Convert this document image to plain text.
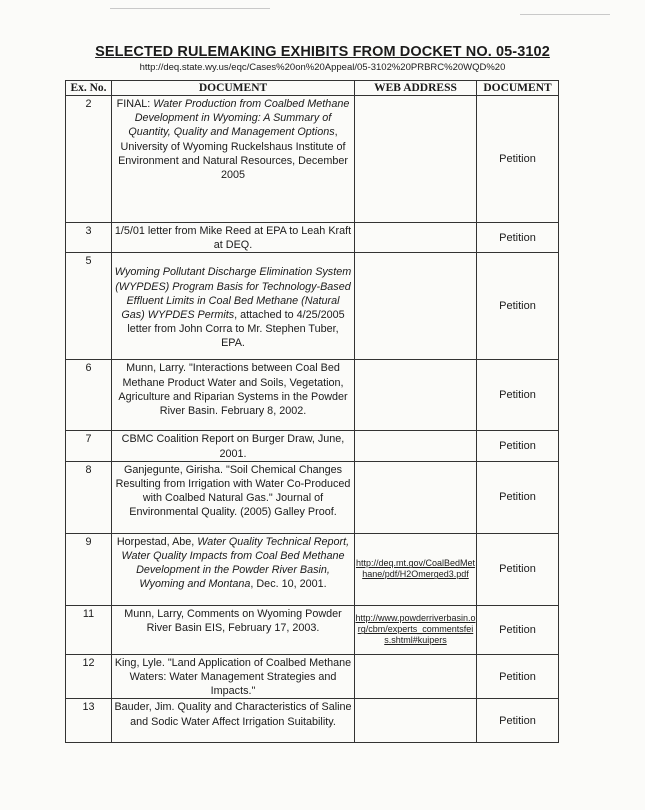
SELECTED RULEMAKING EXHIBITS FROM DOCKET NO. 05-3102
http://deq.state.wy.us/eqc/Cases%20on%20Appeal/05-3102%20PRBRC%20WQD%20
Ex. No.	DOCUMENT	WEB ADDRESS	DOCUMENT
2	FINAL: Water Production from Coalbed Methane Development in Wyoming: A Summary of Quantity, Quality and Management Options, University of Wyoming Ruckelshaus Institute of Environment and Natural Resources, December 2005		Petition
3	1/5/01 letter from Mike Reed at EPA to Leah Kraft at DEQ.		Petition
5	Wyoming Pollutant Discharge Elimination System (WYPDES) Program Basis for Technology-Based Effluent Limits in Coal Bed Methane (Natural Gas) WYPDES Permits, attached to 4/25/2005 letter from John Corra to Mr. Stephen Tuber, EPA.		Petition
6	Munn, Larry. "Interactions between Coal Bed Methane Product Water and Soils, Vegetation, Agriculture and Riparian Systems in the Powder River Basin. February 8, 2002.		Petition
7	CBMC Coalition Report on Burger Draw, June, 2001.		Petition
8	Ganjegunte, Girisha. "Soil Chemical Changes Resulting from Irrigation with Water Co-Produced with Coalbed Natural Gas." Journal of Environmental Quality. (2005) Galley Proof.		Petition
9	Horpestad, Abe, Water Quality Technical Report, Water Quality Impacts from Coal Bed Methane Development in the Powder River Basin, Wyoming and Montana, Dec. 10, 2001.	http://deq.mt.gov/CoalBedMethane/pdf/H2Omerged3.pdf	Petition
11	Munn, Larry, Comments on Wyoming Powder River Basin EIS, February 17, 2003.	http://www.powderriverbasin.org/cbm/experts_commentsfeis.shtml#kuipers	Petition
12	King, Lyle. "Land Application of Coalbed Methane Waters: Water Management Strategies and Impacts."		Petition
13	Bauder, Jim. Quality and Characteristics of Saline and Sodic Water Affect Irrigation Suitability.		Petition
